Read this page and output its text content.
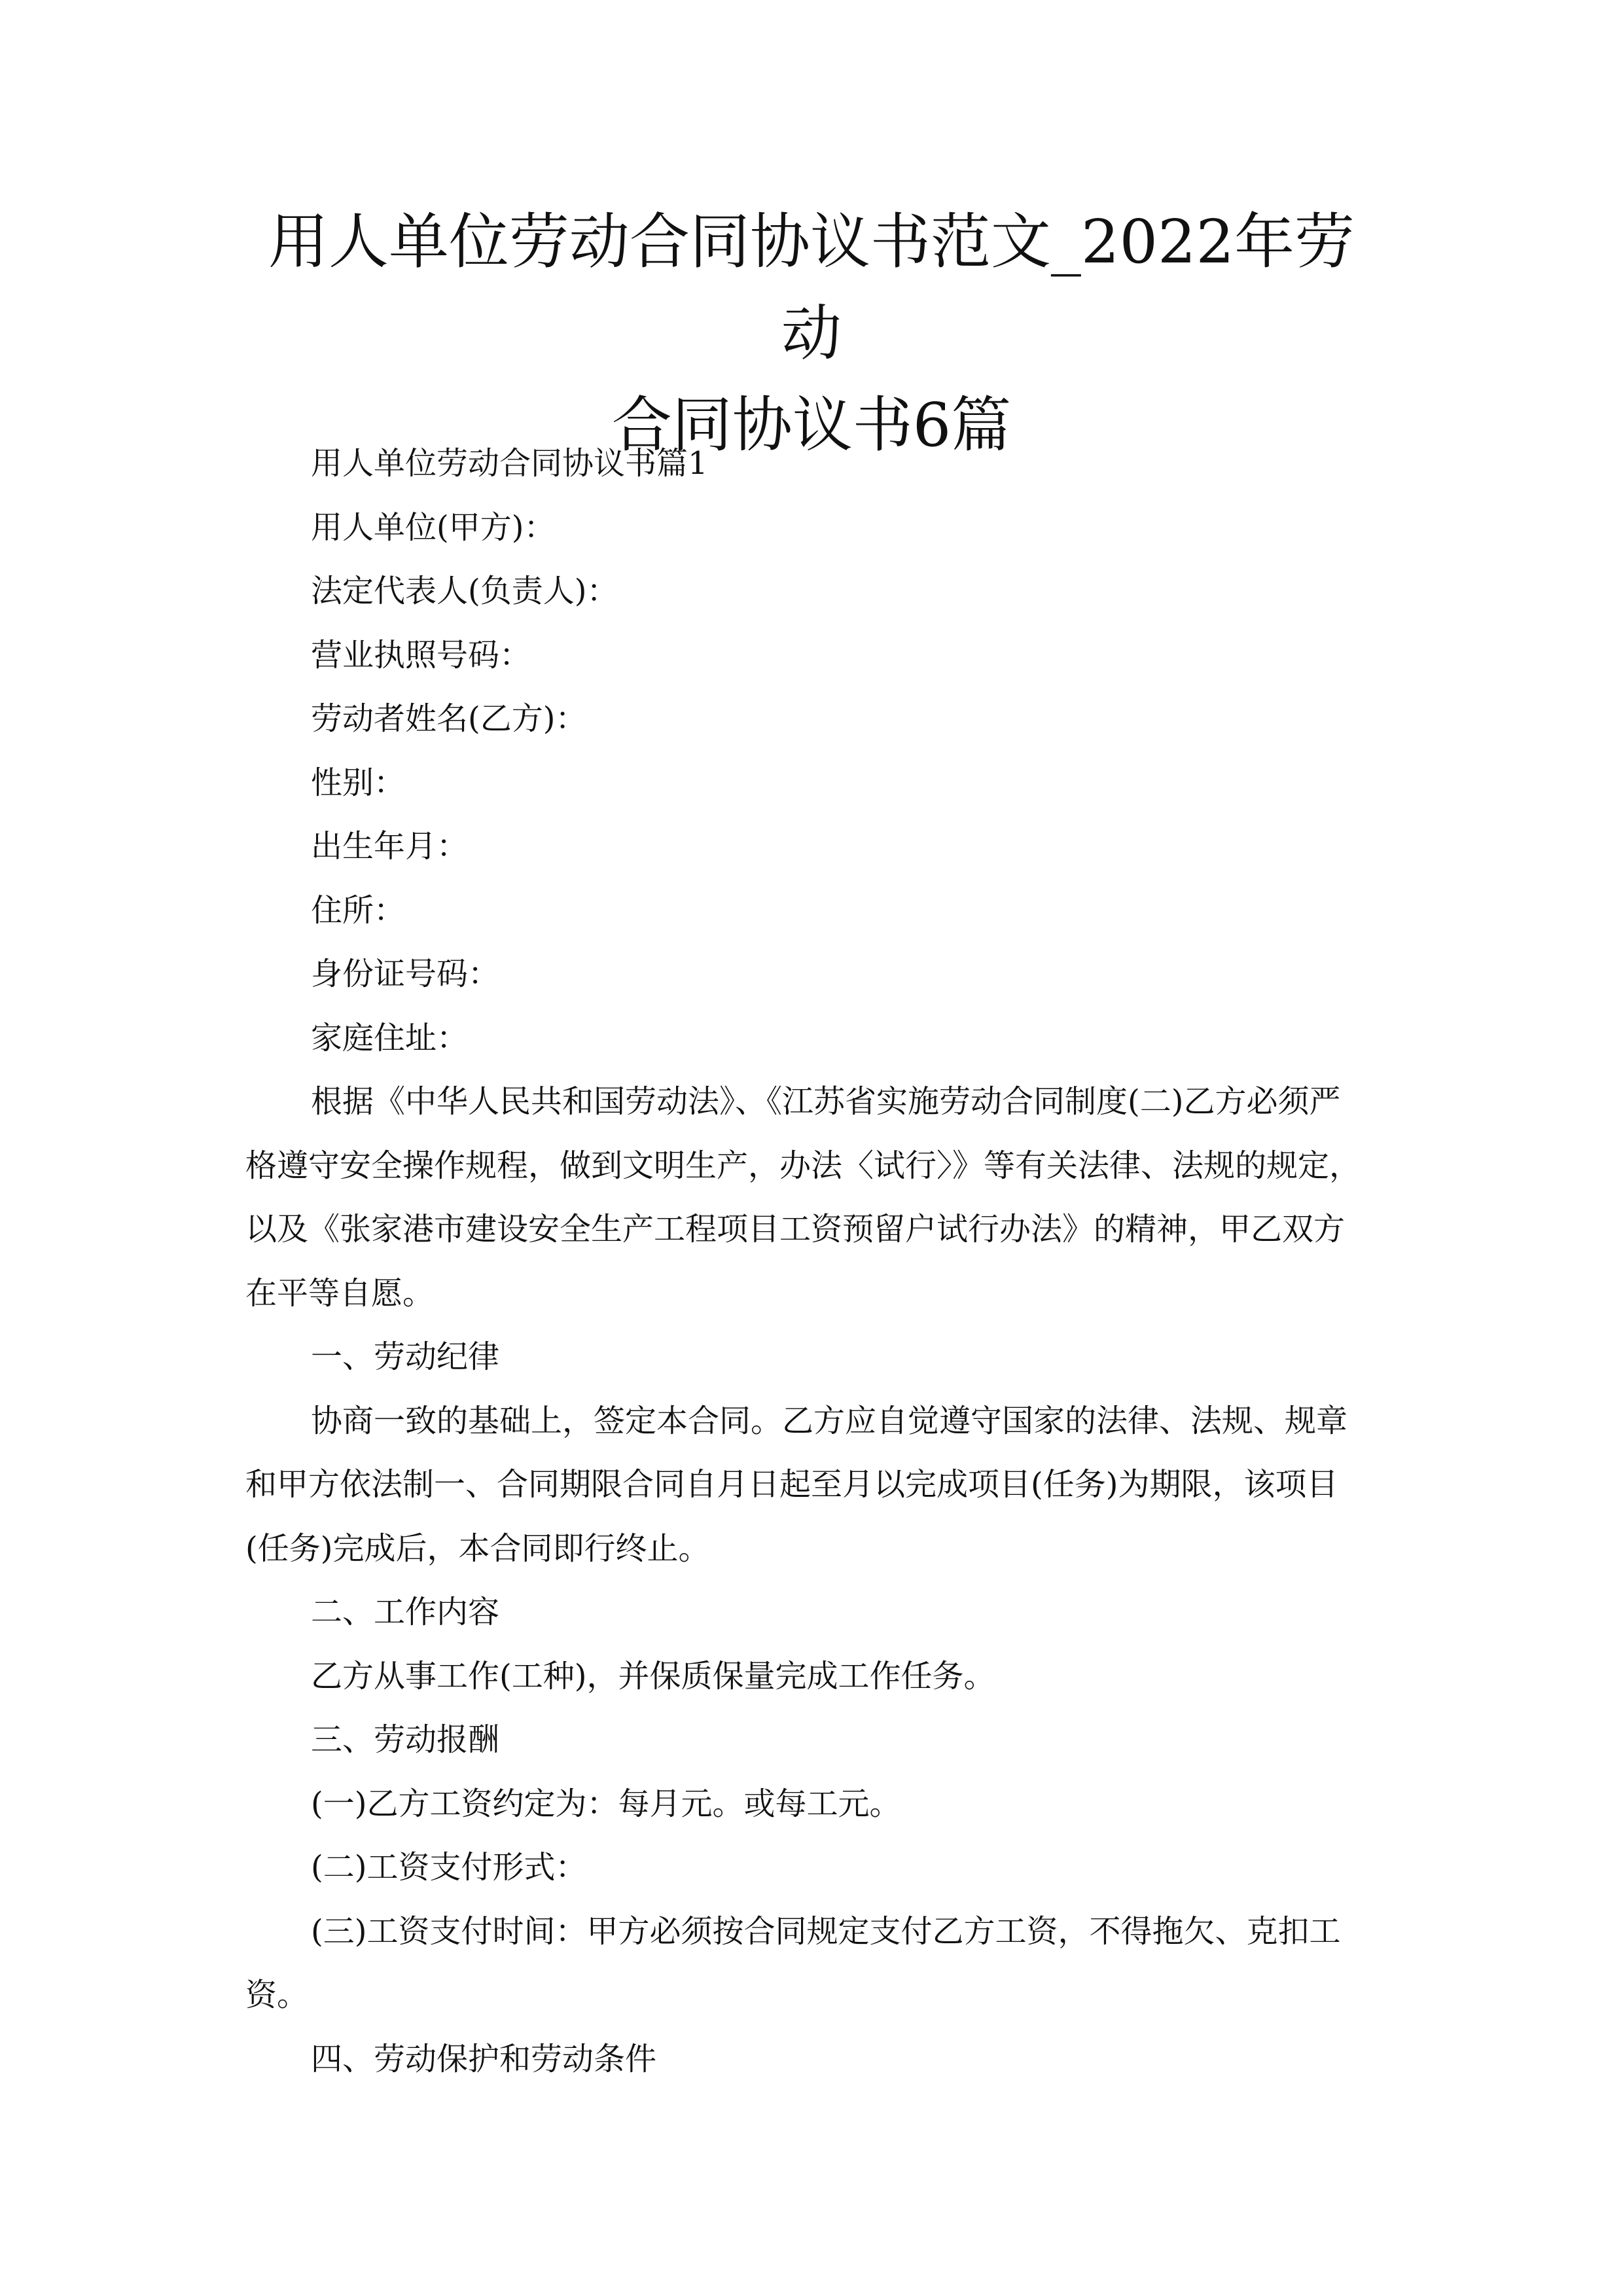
用人单位劳动合同协议书范文_2022年劳动
合同协议书6篇

用人单位劳动合同协议书篇1

用人单位(甲方)：

法定代表人(负责人)：

营业执照号码：

劳动者姓名(乙方)：

性别：

出生年月：

住所：

身份证号码：

家庭住址：

根据《中华人民共和国劳动法》、《江苏省实施劳动合同制度(二)乙方必须严

格遵守安全操作规程，做到文明生产，办法〈试行〉》等有关法律、法规的规定，

以及《张家港市建设安全生产工程项目工资预留户试行办法》的精神，甲乙双方

在平等自愿。

一、劳动纪律

协商一致的基础上，签定本合同。乙方应自觉遵守国家的法律、法规、规章

和甲方依法制一、合同期限合同自月日起至月以完成项目(任务)为期限，该项目

(任务)完成后，本合同即行终止。

二、工作内容

乙方从事工作(工种)，并保质保量完成工作任务。

三、劳动报酬

(一)乙方工资约定为：每月元。或每工元。

(二)工资支付形式：

(三)工资支付时间：甲方必须按合同规定支付乙方工资，不得拖欠、克扣工

资。

四、劳动保护和劳动条件
